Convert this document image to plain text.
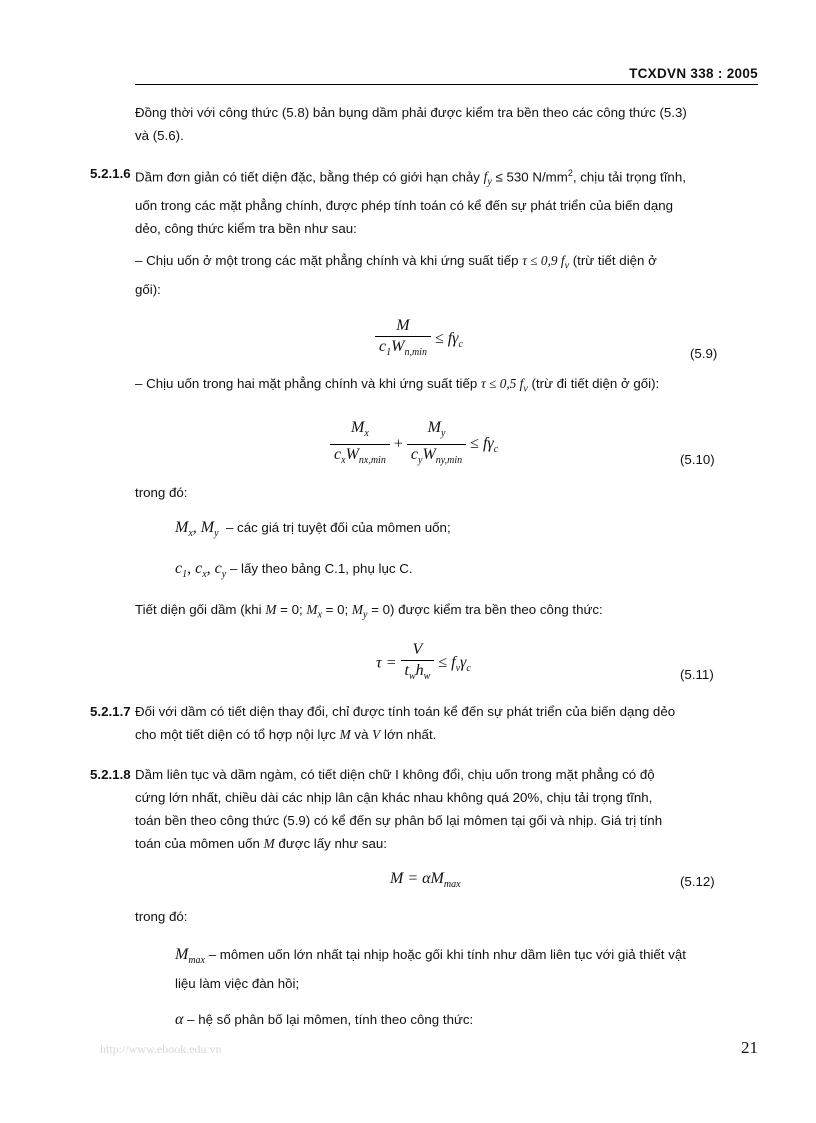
TCXDVN 338 : 2005
Đồng thời với công thức (5.8) bản bụng dầm phải được kiểm tra bền theo các công thức (5.3)
và (5.6).
5.2.1.6 Dầm đơn giản có tiết diện đặc, bằng thép có giới hạn chảy $f_y \le 530$ $N/mm^2$, chịu tải trọng tĩnh,
uốn trong các mặt phẳng chính, được phép tính toán có kể đến sự phát triển của biến dạng
dẻo, công thức kiểm tra bền như sau:
– Chịu uốn ở một trong các mặt phẳng chính và khi ứng suất tiếp τ ≤ 0,9 $f_v$ (trừ tiết diện ở
gối):
$\frac{M}{c_1W_{n,min}} \le f\gamma_c$
(5.9)
– Chịu uốn trong hai mặt phẳng chính và khi ứng suất tiếp τ ≤ 0,5 $f_v$ (trừ đi tiết diện ở gối):
$\frac{M_x}{c_xW_{nx,min}} + \frac{M_y}{c_yW_{ny,min}} \le f\gamma_c$
(5.10)
trong đó:
$M_x$, $M_y$ – các giá trị tuyệt đối của mômen uốn;
$c_1$, $c_x$, $c_y$ – lấy theo bảng C.1, phụ lục C.
Tiết diện gối dầm (khi M = 0; $M_x = 0$; $M_y = 0$) được kiểm tra bền theo công thức:
$\tau = \frac{V}{t_wh_w} \le f_v\gamma_c$	(5.11)
5.2.1.7 Đối với dầm có tiết diện thay đổi, chỉ được tính toán kể đến sự phát triển của biến dạng dẻo
cho một tiết diện có tổ hợp nội lực M và V lớn nhất.
5.2.1.8 Dầm liên tục và dầm ngàm, có tiết diện chữ I không đổi, chịu uốn trong mặt phẳng có độ
cứng lớn nhất, chiều dài các nhịp lân cận khác nhau không quá 20%, chịu tải trọng tĩnh,
toán bền theo công thức (5.9) có kể đến sự phân bố lại mômen tại gối và nhịp. Giá trị tính
toán của mômen uốn M được lấy như sau:
$M = \alpha M_{max}$	(5.12)
trong đó:
$M_{max}$ – mômen uốn lớn nhất tại nhịp hoặc gối khi tính như dầm liên tục với giả thiết vật
liệu làm việc đàn hồi;
α – hệ số phân bố lại mômen, tính theo công thức:
http://www.ebook.edu.vn	21
